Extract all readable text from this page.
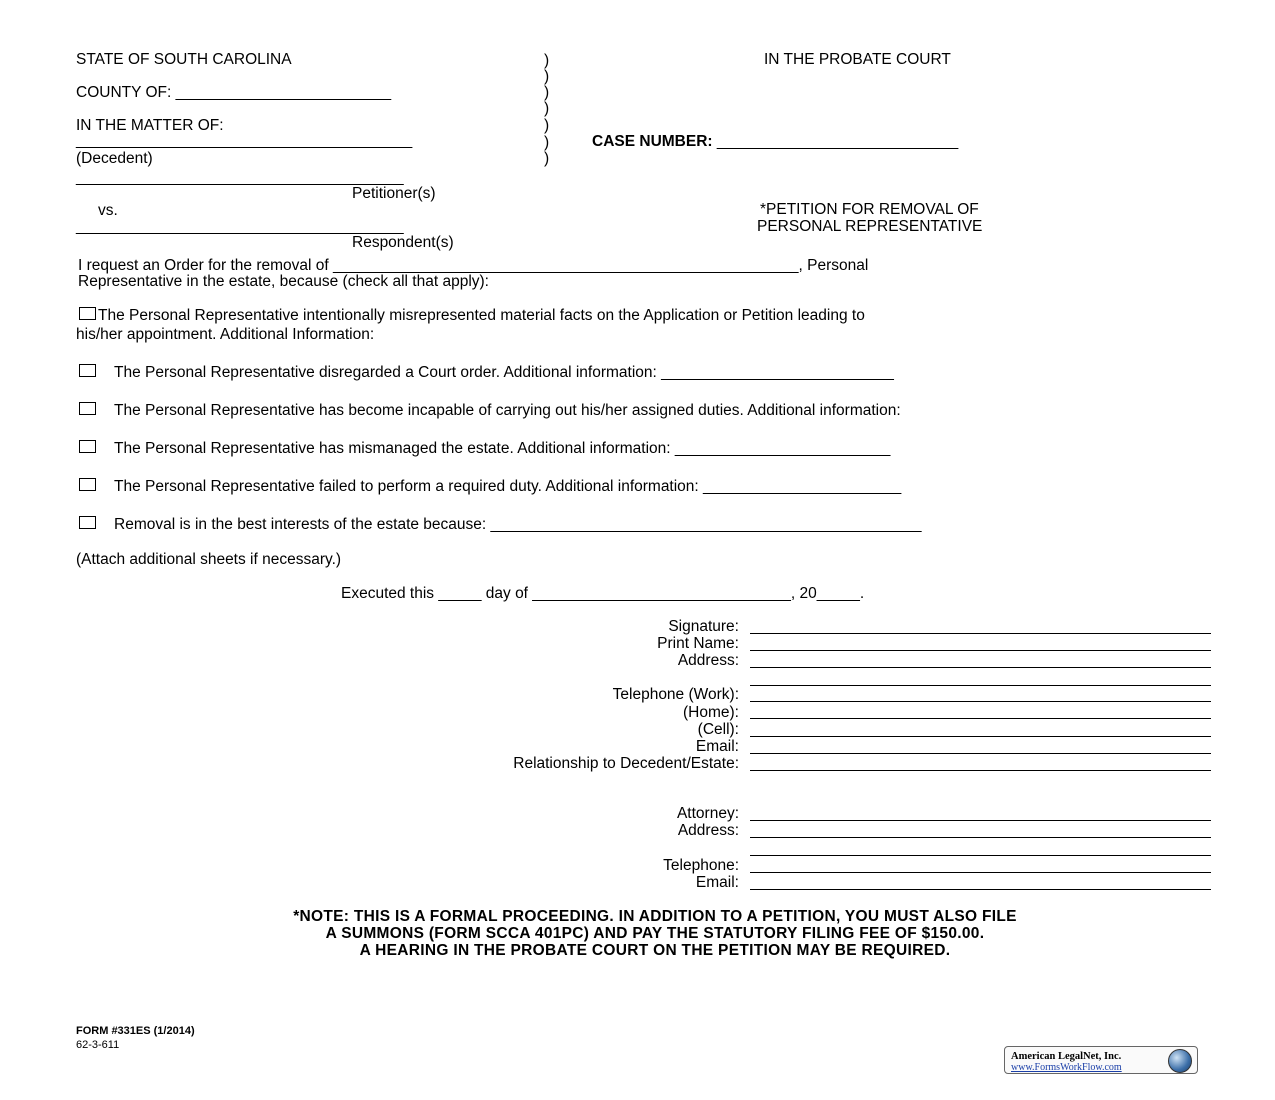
STATE OF SOUTH CAROLINA
COUNTY OF: _________________________
IN THE MATTER OF:
_______________________________________
(Decedent)
______________________________________
Petitioner(s)
vs.
______________________________________
Respondent(s)
)
)
)
)
)
)
)
IN THE PROBATE COURT
CASE NUMBER: ____________________________
*PETITION FOR REMOVAL OF
PERSONAL REPRESENTATIVE
I request an Order for the removal of ______________________________________________________, Personal
Representative in the estate, because (check all that apply):
The Personal Representative intentionally misrepresented material facts on the Application or Petition leading to
his/her appointment. Additional Information:
The Personal Representative disregarded a Court order. Additional information: ___________________________
The Personal Representative has become incapable of carrying out his/her assigned duties. Additional information:
The Personal Representative has mismanaged the estate. Additional information: _________________________
The Personal Representative failed to perform a required duty. Additional information: _______________________
Removal is in the best interests of the estate because: __________________________________________________
(Attach additional sheets if necessary.)
Executed this _____ day of ______________________________, 20_____.
Signature:
Print Name:
Address:
Telephone (Work):
(Home):
(Cell):
Email:
Relationship to Decedent/Estate:
Attorney:
Address:
Telephone:
Email:
*NOTE: THIS IS A FORMAL PROCEEDING. IN ADDITION TO A PETITION, YOU MUST ALSO FILE
A SUMMONS (FORM SCCA 401PC) AND PAY THE STATUTORY FILING FEE OF $150.00.
A HEARING IN THE PROBATE COURT ON THE PETITION MAY BE REQUIRED.
FORM #331ES (1/2014)
62-3-611
American LegalNet, Inc.
www.FormsWorkFlow.com
